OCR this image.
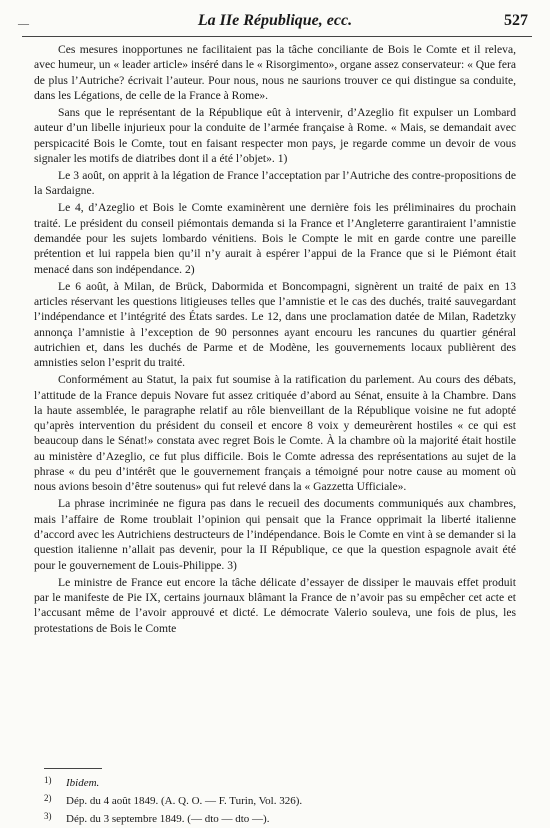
—	La IIe République, ecc.	527

Ces mesures inopportunes ne facilitaient pas la tâche conciliante de Bois le Comte et il releva, avec humeur, un « leader article» inséré dans le « Risorgimento», organe assez conservateur: « Que fera de plus l’Autriche? écrivait l’auteur. Pour nous, nous ne saurions trouver ce qui distingue sa conduite, dans les Légations, de celle de la France à Rome».

Sans que le représentant de la République eût à intervenir, d’Azeglio fit expulser un Lombard auteur d’un libelle injurieux pour la conduite de l’armée française à Rome. « Mais, se demandait avec perspicacité Bois le Comte, tout en faisant respecter mon pays, je regarde comme un devoir de vous signaler les motifs de diatribes dont il a été l’objet». 1)

Le 3 août, on apprit à la légation de France l’acceptation par l’Autriche des contre-propositions de la Sardaigne.

Le 4, d’Azeglio et Bois le Comte examinèrent une dernière fois les préliminaires du prochain traité. Le président du conseil piémontais demanda si la France et l’Angleterre garantiraient l’amnistie demandée pour les sujets lombardo vénitiens. Bois le Compte le mit en garde contre une pareille prétention et lui rappela bien qu’il n’y aurait à espérer l’appui de la France que si le Piémont était menacé dans son indépendance. 2)

Le 6 août, à Milan, de Brück, Dabormida et Boncompagni, signèrent un traité de paix en 13 articles réservant les questions litigieuses telles que l’amnistie et le cas des duchés, traité sauvegardant l’indépendance et l’intégrité des États sardes. Le 12, dans une proclamation datée de Milan, Radetzky annonça l’amnistie à l’exception de 90 personnes ayant encouru les rancunes du quartier général autrichien et, dans les duchés de Parme et de Modène, les gouvernements locaux publièrent des amnisties selon l’esprit du traité.

Conformément au Statut, la paix fut soumise à la ratification du parlement. Au cours des débats, l’attitude de la France depuis Novare fut assez critiquée d’abord au Sénat, ensuite à la Chambre. Dans la haute assemblée, le paragraphe relatif au rôle bienveillant de la République voisine ne fut adopté qu’après intervention du président du conseil et encore 8 voix y demeurèrent hostiles « ce qui est beaucoup dans le Sénat!» constata avec regret Bois le Comte. À la chambre où la majorité était hostile au ministère d’Azeglio, ce fut plus difficile. Bois le Comte adressa des représentations au sujet de la phrase « du peu d’intérêt que le gouvernement français a témoigné pour notre cause au moment où nous avions besoin d’être soutenus» qui fut relevé dans la « Gazzetta Ufficiale».

La phrase incriminée ne figura pas dans le recueil des documents communiqués aux chambres, mais l’affaire de Rome troublait l’opinion qui pensait que la France opprimait la liberté italienne d’accord avec les Autrichiens destructeurs de l’indépendance. Bois le Comte en vint à se demander si la question italienne n’allait pas devenir, pour la II République, ce que la question espagnole avait été pour le gouvernement de Louis-Philippe. 3)

Le ministre de France eut encore la tâche délicate d’essayer de dissiper le mauvais effet produit par le manifeste de Pie IX, certains journaux blâmant la France de n’avoir pas su empêcher cet acte et l’accusant même de l’avoir approuvé et dicté. Le démocrate Valerio souleva, une fois de plus, les protestations de Bois le Comte

1) Ibidem.
2) Dép. du 4 août 1849. (A. Q. O. — F. Turin, Vol. 326).
3) Dép. du 3 septembre 1849. (— dto — dto —).
